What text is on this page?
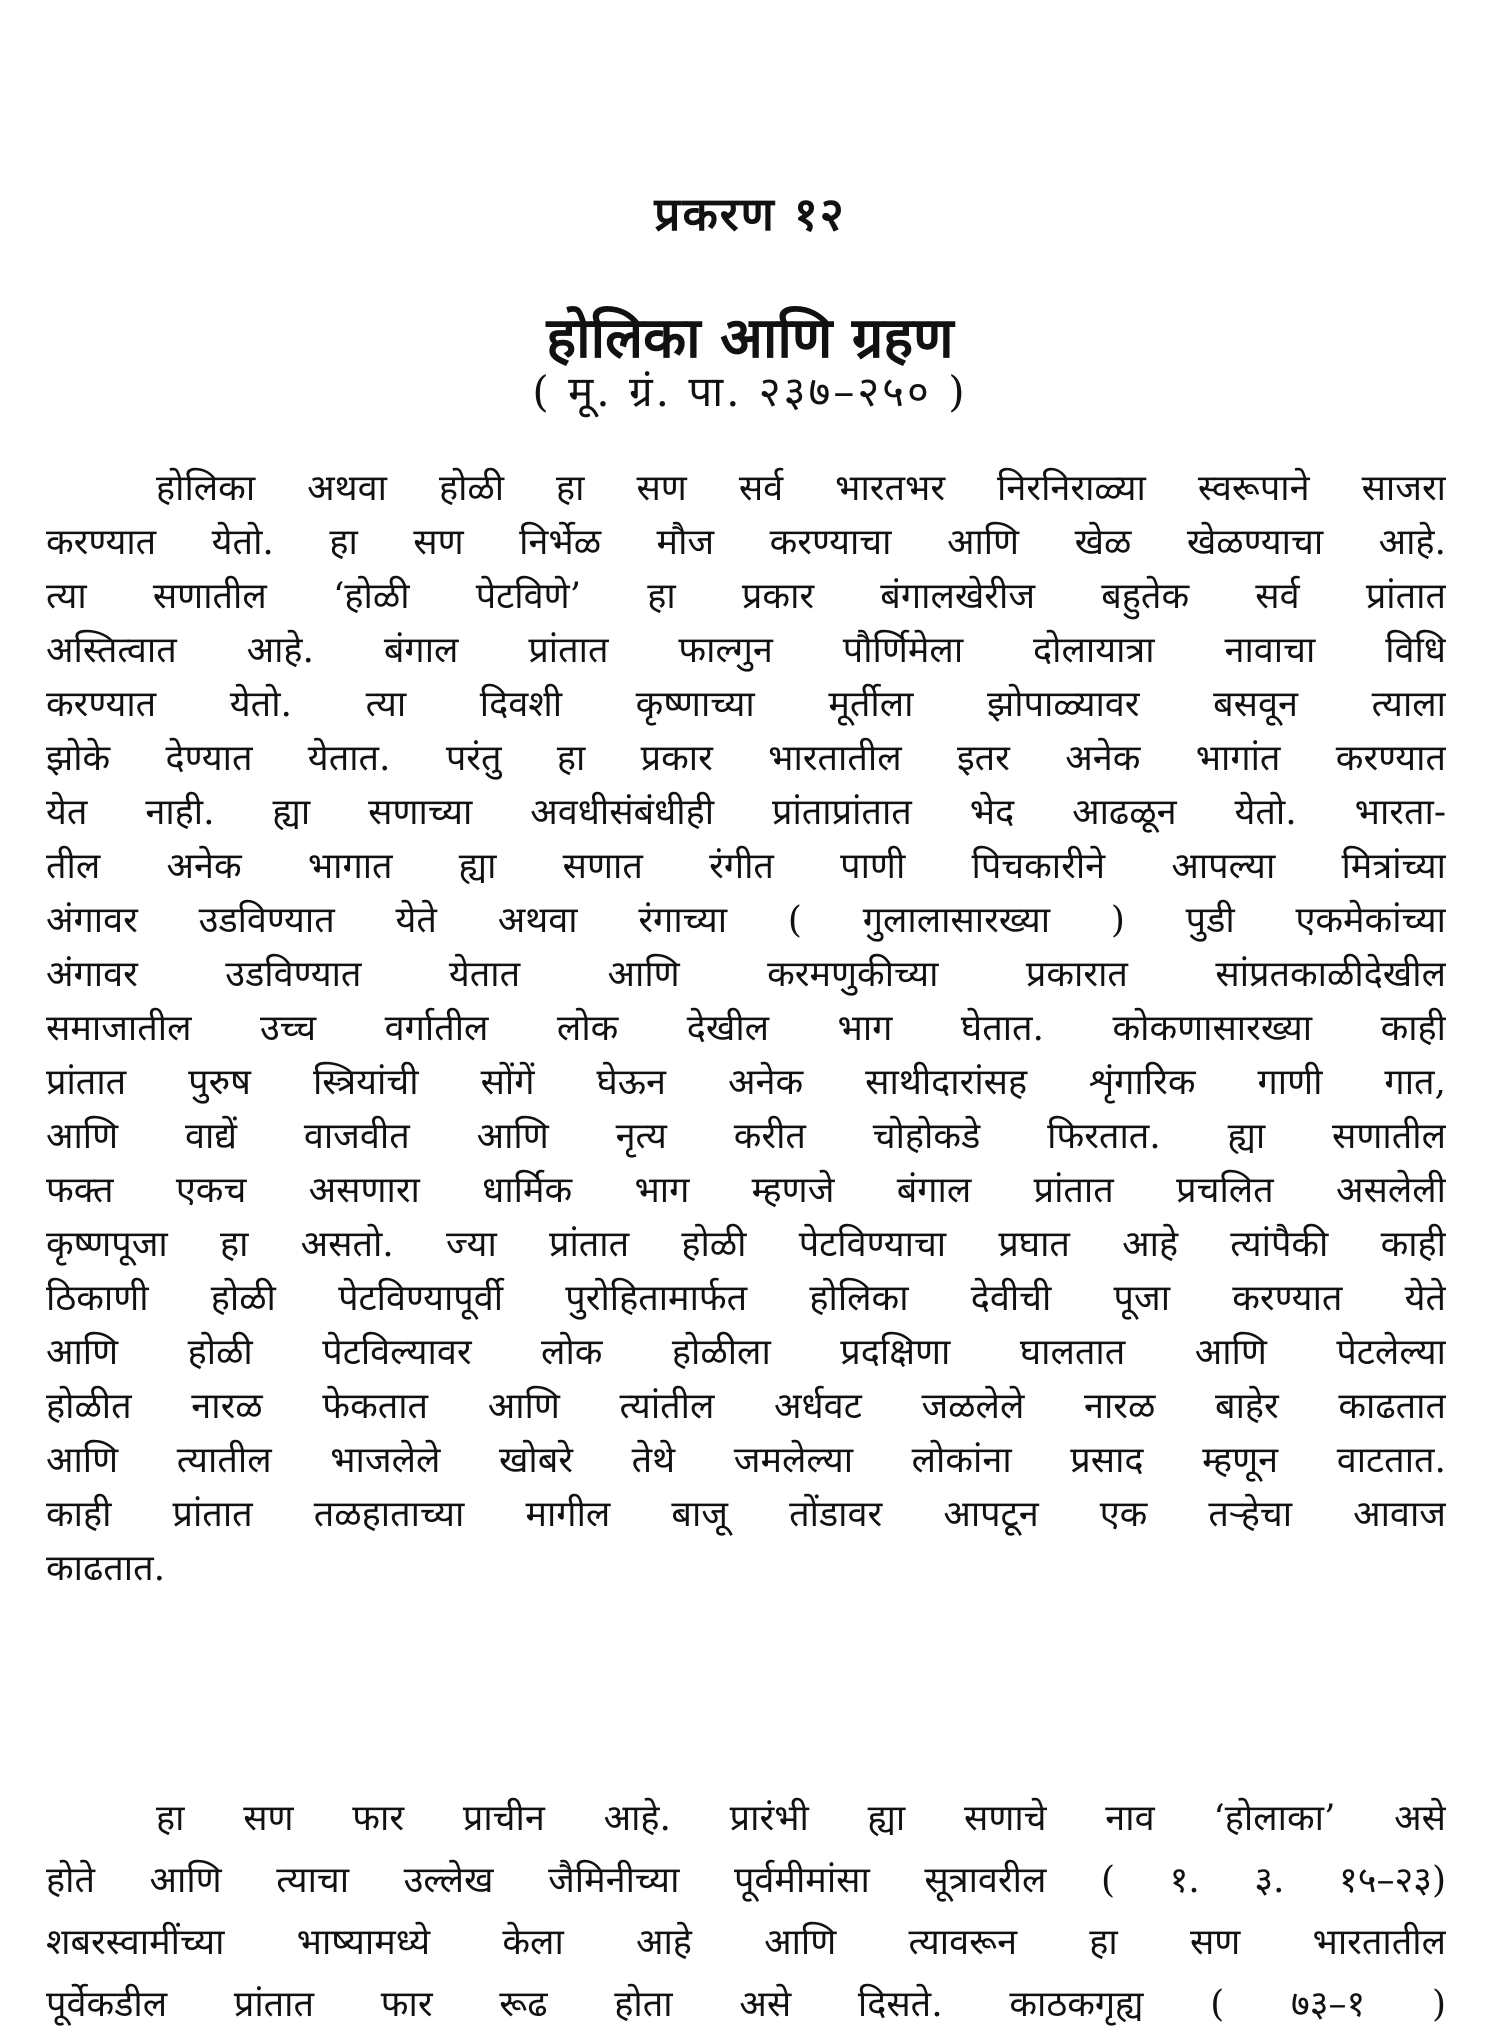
प्रकरण १२
होलिका आणि ग्रहण
( मू. ग्रं. पा. २३७–२५० )
होलिका अथवा होळी हा सण सर्व भारतभर निरनिराळ्या स्वरूपाने साजरा
करण्यात येतो. हा सण निर्भेळ मौज करण्याचा आणि खेळ खेळण्याचा आहे.
त्या सणातील ‘होळी पेटविणे’ हा प्रकार बंगालखेरीज बहुतेक सर्व प्रांतात
अस्तित्वात आहे. बंगाल प्रांतात फाल्गुन पौर्णिमेला दोलायात्रा नावाचा विधि
करण्यात येतो. त्या दिवशी कृष्णाच्या मूर्तीला झोपाळ्यावर बसवून त्याला
झोके देण्यात येतात. परंतु हा प्रकार भारतातील इतर अनेक भागांत करण्यात
येत नाही. ह्या सणाच्या अवधीसंबंधीही प्रांताप्रांतात भेद आढळून येतो. भारता-
तील अनेक भागात ह्या सणात रंगीत पाणी पिचकारीने आपल्या मित्रांच्या
अंगावर उडविण्यात येते अथवा रंगाच्या ( गुलालासारख्या ) पुडी एकमेकांच्या
अंगावर उडविण्यात येतात आणि करमणुकीच्या प्रकारात सांप्रतकाळीदेखील
समाजातील उच्च वर्गातील लोक देखील भाग घेतात. कोकणासारख्या काही
प्रांतात पुरुष स्त्रियांची सोंगें घेऊन अनेक साथीदारांसह शृंगारिक गाणी गात,
आणि वाद्यें वाजवीत आणि नृत्य करीत चोहोकडे फिरतात. ह्या सणातील
फक्त एकच असणारा धार्मिक भाग म्हणजे बंगाल प्रांतात प्रचलित असलेली
कृष्णपूजा हा असतो. ज्या प्रांतात होळी पेटविण्याचा प्रघात आहे त्यांपैकी काही
ठिकाणी होळी पेटविण्यापूर्वी पुरोहितामार्फत होलिका देवीची पूजा करण्यात येते
आणि होळी पेटविल्यावर लोक होळीला प्रदक्षिणा घालतात आणि पेटलेल्या
होळीत नारळ फेकतात आणि त्यांतील अर्धवट जळलेले नारळ बाहेर काढतात
आणि त्यातील भाजलेले खोबरे तेथे जमलेल्या लोकांना प्रसाद म्हणून वाटतात.
काही प्रांतात तळहाताच्या मागील बाजू तोंडावर आपटून एक तऱ्हेचा आवाज
काढतात.
हा सण फार प्राचीन आहे. प्रारंभी ह्या सणाचे नाव ‘होलाका’ असे
होते आणि त्याचा उल्लेख जैमिनीच्या पूर्वमीमांसा सूत्रावरील ( १. ३. १५–२३)
शबरस्वामींच्या भाष्यामध्ये केला आहे आणि त्यावरून हा सण भारतातील
पूर्वेकडील प्रांतात फार रूढ होता असे दिसते. काठकगृह्य ( ७३–१ )
